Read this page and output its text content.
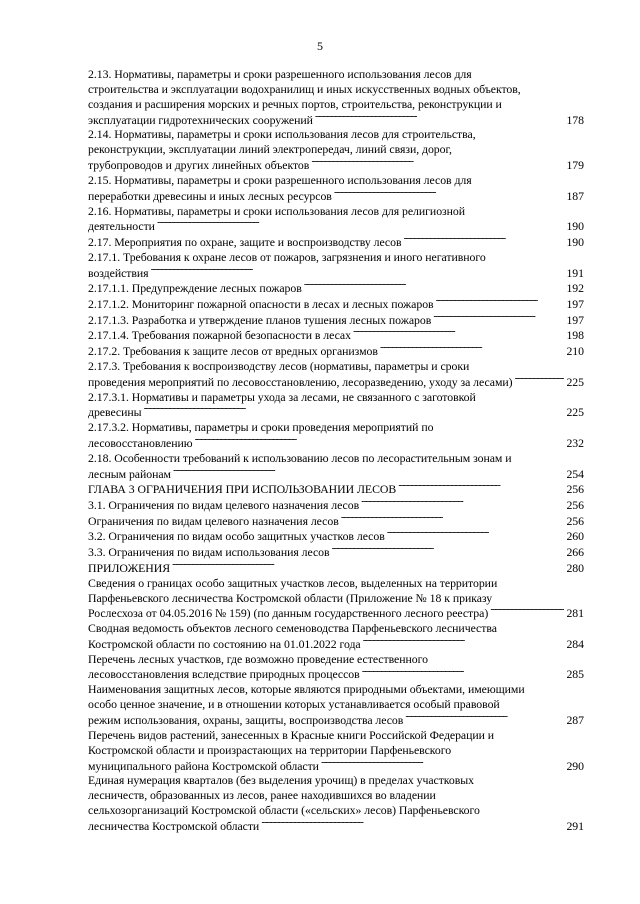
5
2.13. Нормативы, параметры и сроки разрешенного использования лесов для
строительства и эксплуатации водохранилищ и иных искусственных водных объектов,
создания и расширения морских и речных портов, строительства, реконструкции и
эксплуатации гидротехнических сооружений . . .	178
2.14. Нормативы, параметры и сроки использования лесов для строительства,
реконструкции, эксплуатации линий электропередач, линий связи, дорог,
трубопроводов и других линейных объектов . . .	179
2.15. Нормативы, параметры и сроки разрешенного использования лесов для
переработки древесины и иных лесных ресурсов . . .	187
2.16. Нормативы, параметры и сроки использования лесов для религиозной
деятельности . . .	190
2.17. Мероприятия по охране, защите и воспроизводству лесов . . .	190
2.17.1. Требования к охране лесов от пожаров, загрязнения и иного негативного
воздействия . . .	191
2.17.1.1. Предупреждение лесных пожаров . . .	192
2.17.1.2. Мониторинг пожарной опасности в лесах и лесных пожаров . . .	197
2.17.1.3. Разработка и утверждение планов тушения лесных пожаров . . .	197
2.17.1.4. Требования пожарной безопасности в лесах . . .	198
2.17.2. Требования к защите лесов от вредных организмов . . .	210
2.17.3. Требования к воспроизводству лесов (нормативы, параметры и сроки
проведения мероприятий по лесовосстановлению, лесоразведению, уходу за лесами) . . .	225
2.17.3.1. Нормативы и параметры ухода за лесами, не связанного с заготовкой
древесины . . .	225
2.17.3.2. Нормативы, параметры и сроки проведения мероприятий по
лесовосстановлению . . .	232
2.18. Особенности требований к использованию лесов по лесорастительным зонам и
лесным районам . . .	254
ГЛАВА 3 ОГРАНИЧЕНИЯ ПРИ ИСПОЛЬЗОВАНИИ ЛЕСОВ . . .	256
3.1. Ограничения по видам целевого назначения лесов . . .	256
Ограничения по видам целевого назначения лесов . . .	256
3.2. Ограничения по видам особо защитных участков лесов . . .	260
3.3. Ограничения по видам использования лесов . . .	266
ПРИЛОЖЕНИЯ . . .	280
Сведения о границах особо защитных участков лесов, выделенных на территории
Парфеньевского лесничества Костромской области (Приложение № 18 к приказу
Рослесхоза от 04.05.2016 № 159) (по данным государственного лесного реестра) . . .	281
Сводная ведомость объектов лесного семеноводства Парфеньевского лесничества
Костромской области по состоянию на 01.01.2022 года . . .	284
Перечень лесных участков, где возможно проведение естественного
лесовосстановления вследствие природных процессов . . .	285
Наименования защитных лесов, которые являются природными объектами, имеющими
особо ценное значение, и в отношении которых устанавливается особый правовой
режим использования, охраны, защиты, воспроизводства лесов . . .	287
Перечень видов растений, занесенных в Красные книги Российской Федерации и
Костромской области и произрастающих на территории Парфеньевского
муниципального района Костромской области . . .	290
Единая нумерация кварталов (без выделения урочищ) в пределах участковых
лесничеств, образованных из лесов, ранее находившихся во владении
сельхозорганизаций Костромской области («сельских» лесов) Парфеньевского
лесничества Костромской области . . .	291
